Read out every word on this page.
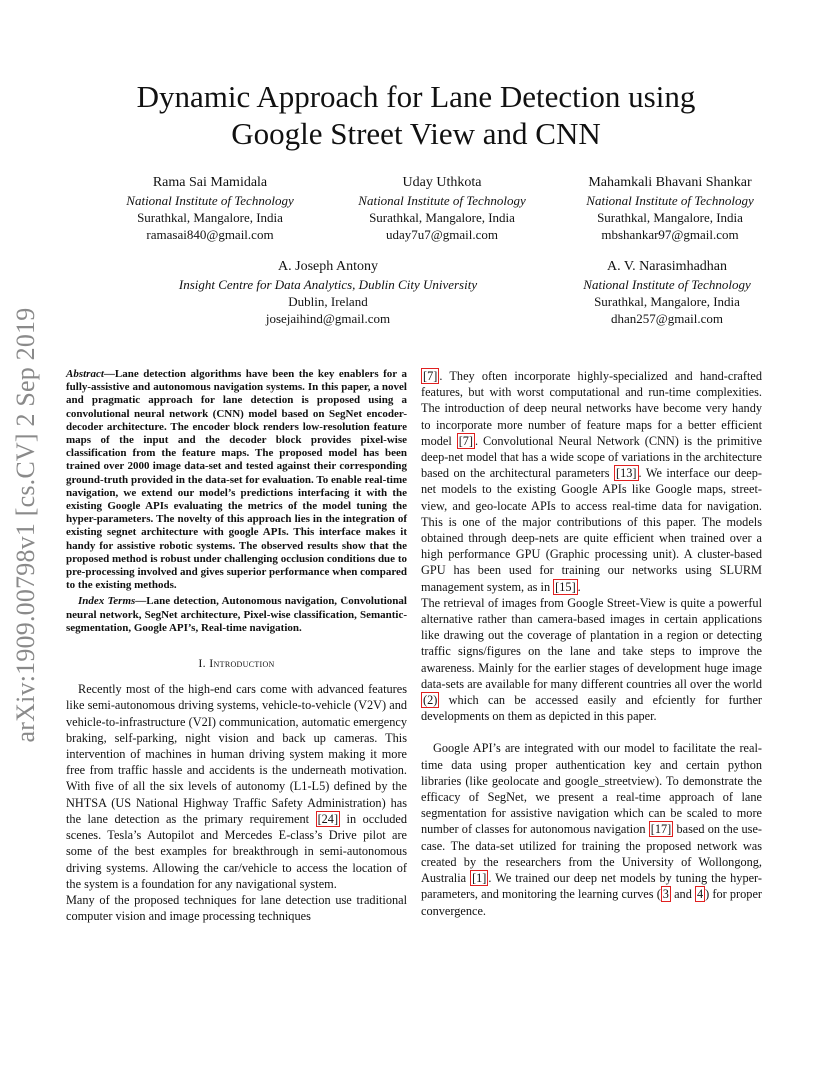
arXiv:1909.00798v1 [cs.CV] 2 Sep 2019
Dynamic Approach for Lane Detection using
Google Street View and CNN
Rama Sai Mamidala
National Institute of Technology
Surathkal, Mangalore, India
ramasai840@gmail.com
Uday Uthkota
National Institute of Technology
Surathkal, Mangalore, India
uday7u7@gmail.com
Mahamkali Bhavani Shankar
National Institute of Technology
Surathkal, Mangalore, India
mbshankar97@gmail.com
A. Joseph Antony
Insight Centre for Data Analytics, Dublin City University
Dublin, Ireland
josejaihind@gmail.com
A. V. Narasimhadhan
National Institute of Technology
Surathkal, Mangalore, India
dhan257@gmail.com

Abstract—Lane detection algorithms have been the key enablers for a fully-assistive and autonomous navigation systems. In this paper, a novel and pragmatic approach for lane detection is proposed using a convolutional neural network (CNN) model based on SegNet encoder-decoder architecture. The encoder block renders low-resolution feature maps of the input and the decoder block provides pixel-wise classification from the feature maps. The proposed model has been trained over 2000 image data-set and tested against their corresponding ground-truth provided in the data-set for evaluation. To enable real-time navigation, we extend our model’s predictions interfacing it with the existing Google APIs evaluating the metrics of the model tuning the hyper-parameters. The novelty of this approach lies in the integration of existing segnet architecture with google APIs. This interface makes it handy for assistive robotic systems. The observed results show that the proposed method is robust under challenging occlusion conditions due to pre-processing involved and gives superior performance when compared to the existing methods.

Index Terms—Lane detection, Autonomous navigation, Convolutional neural network, SegNet architecture, Pixel-wise classification, Semantic-segmentation, Google API’s, Real-time navigation.

I. Introduction

Recently most of the high-end cars come with advanced features like semi-autonomous driving systems, vehicle-to-vehicle (V2V) and vehicle-to-infrastructure (V2I) communication, automatic emergency braking, self-parking, night vision and back up cameras. This intervention of machines in human driving system making it more free from traffic hassle and accidents is the underneath motivation. With five of all the six levels of autonomy (L1-L5) defined by the NHTSA (US National Highway Traffic Safety Administration) has the lane detection as the primary requirement [24] in occluded scenes. Tesla’s Autopilot and Mercedes E-class’s Drive pilot are some of the best examples for breakthrough in semi-autonomous driving systems. Allowing the car/vehicle to access the location of the system is a foundation for any navigational system.

Many of the proposed techniques for lane detection use traditional computer vision and image processing techniques

[7] . They often incorporate highly-specialized and hand-crafted features, but with worst computational and run-time complexities. The introduction of deep neural networks have become very handy to incorporate more number of feature maps for a better efficient model [7] . Convolutional Neural Network (CNN) is the primitive deep-net model that has a wide scope of variations in the architecture based on the architectural parameters [13] . We interface our deep-net models to the existing Google APIs like Google maps, street-view, and geo-locate APIs to access real-time data for navigation. This is one of the major contributions of this paper. The models obtained through deep-nets are quite efficient when trained over a high performance GPU (Graphic processing unit). A cluster-based GPU has been used for training our networks using SLURM management system, as in [15] .

The retrieval of images from Google Street-View is quite a powerful alternative rather than camera-based images in certain applications like drawing out the coverage of plantation in a region or detecting traffic signs/figures on the lane and take steps to improve the awareness. Mainly for the earlier stages of development huge image data-sets are available for many different countries all over the world (2) which can be accessed easily and efciently for further developments on them as depicted in this paper.

Google API’s are integrated with our model to facilitate the real-time data using proper authentication key and certain python libraries (like geolocate and google_streetview). To demonstrate the efficacy of SegNet, we present a real-time approach of lane segmentation for assistive navigation which can be scaled to more number of classes for autonomous navigation [17] based on the use-case. The data-set utilized for training the proposed network was created by the researchers from the University of Wollongong, Australia [1] . We trained our deep net models by tuning the hyper-parameters, and monitoring the learning curves ( 3 and 4 ) for proper convergence.
